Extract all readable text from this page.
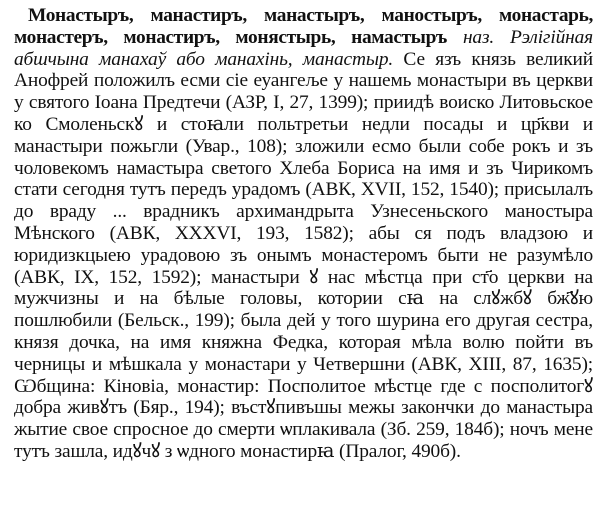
Монастыръ, манастиръ, манастыръ, маностыръ, монастарь, монастеръ, монастиръ, монястырь, намастыръ наз. Рэлігійная абшчына манахаў або манахінь, манастыр. Се язъ князь великий Анофрей положилъ есми сіе еуангеље у нашемь монастыри въ церкви у святого Іоана Предтечи (АЗР, I, 27, 1399); приидѣ воиско Литовьское ко Смоленьскꙋ и стоꙗли польтретьи недли посады и цр҃кви и манастыри пожьгли (Увар., 108); зложили есмо были собе рокъ и зъ чоловекомъ намастыра светого Хлеба Бориса на имя и зъ Чирикомъ стати сегодня тутъ передъ урадомъ (АВК, XVII, 152, 1540); присылалъ до враду ... врадникъ архимандрыта Узнесеньского маностыра Мѣнского (АВК, XXXVI, 193, 1582); абы ся подъ владзою и юридизкцыею урадовою зъ онымъ монастеромъ быти не разумѣло (АВК, IX, 152, 1592); манастыри ꙋ нас мѣстца при ст҃о церкви на мужчизны и на бѣлые головы, котории сꙗ на слꙋжбꙋ бж҃ꙋю пошлюбили (Бельск., 199); была дей у того шурина его другая сестра, князя дочка, на имя княжна Федка, которая мѣла волю пойти въ черницы и мѣшкала у монастари у Четвершни (АВК, XIII, 87, 1635); Ѡбщина: Кіновіа, монастир: Посполитое мѣстце где с посполитогꙋ добра живꙋтъ (Бяр., 194); въстꙋпивъшы межы закончки до манастыра жытие свое спросное до смерти ѡплакивала (Зб. 259, 184б); ночъ мене тутъ зашла, идꙋчꙋ з ѡдного монастирꙗ (Пралог, 490б).
